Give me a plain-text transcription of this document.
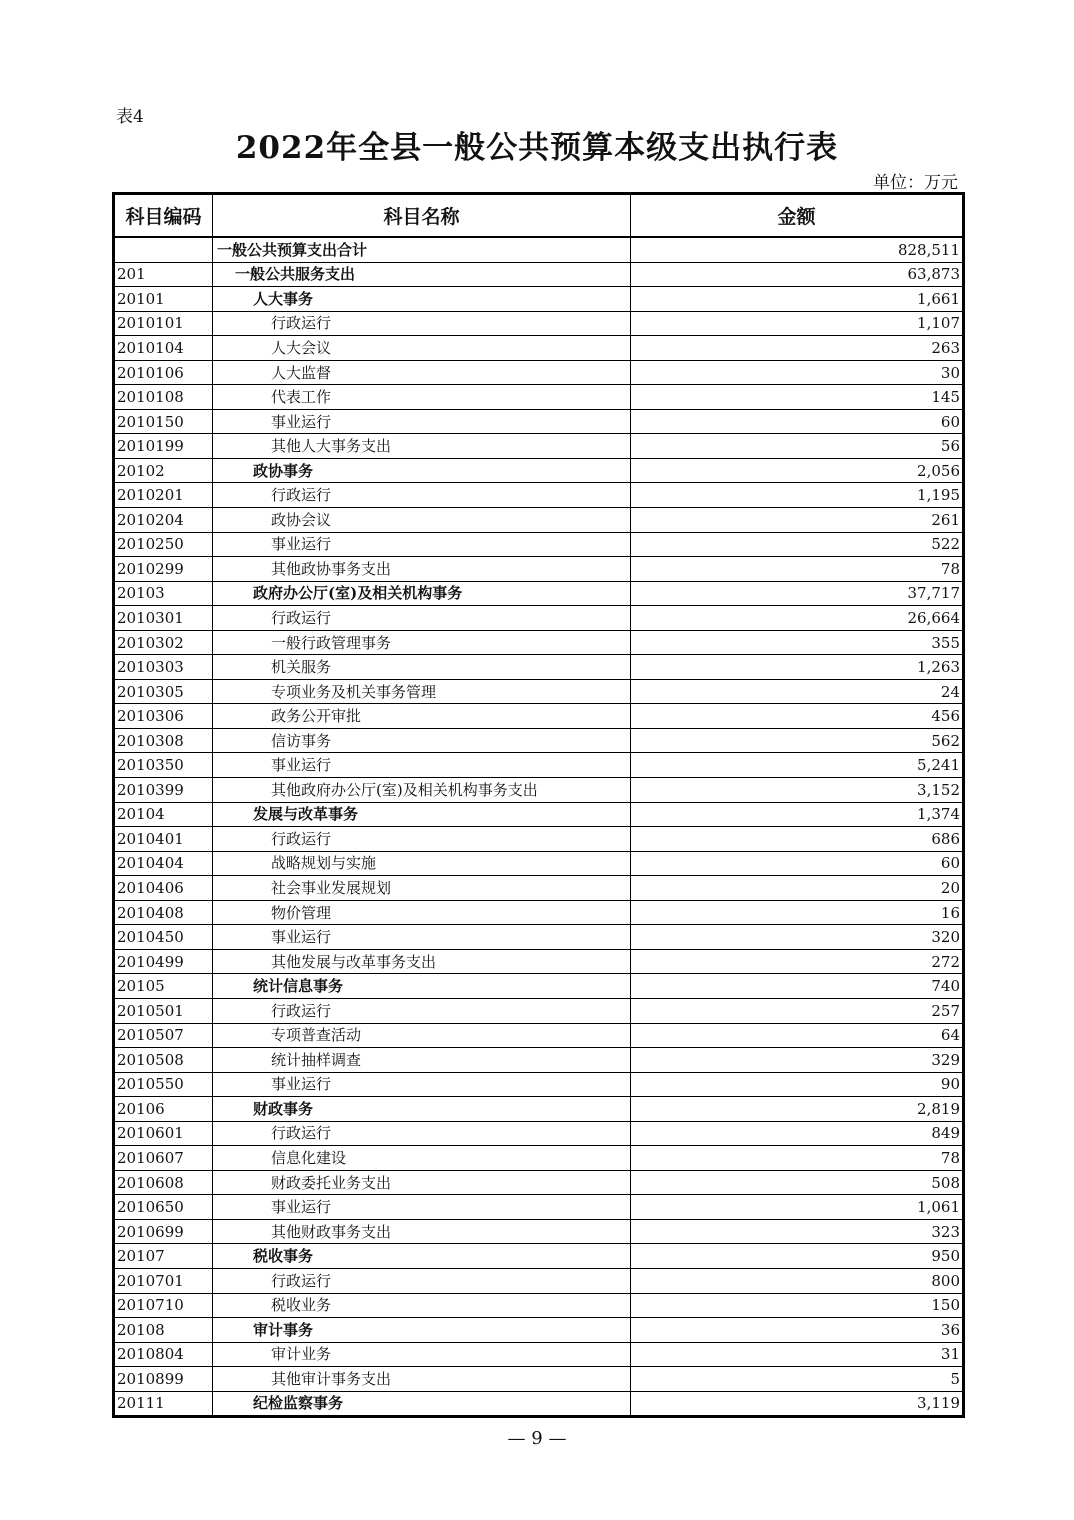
表4
2022年全县一般公共预算本级支出执行表
单位：万元
科目编码	科目名称	金额
	一般公共预算支出合计	828,511
201	一般公共服务支出	63,873
20101	人大事务	1,661
2010101	行政运行	1,107
2010104	人大会议	263
2010106	人大监督	30
2010108	代表工作	145
2010150	事业运行	60
2010199	其他人大事务支出	56
20102	政协事务	2,056
2010201	行政运行	1,195
2010204	政协会议	261
2010250	事业运行	522
2010299	其他政协事务支出	78
20103	政府办公厅(室)及相关机构事务	37,717
2010301	行政运行	26,664
2010302	一般行政管理事务	355
2010303	机关服务	1,263
2010305	专项业务及机关事务管理	24
2010306	政务公开审批	456
2010308	信访事务	562
2010350	事业运行	5,241
2010399	其他政府办公厅(室)及相关机构事务支出	3,152
20104	发展与改革事务	1,374
2010401	行政运行	686
2010404	战略规划与实施	60
2010406	社会事业发展规划	20
2010408	物价管理	16
2010450	事业运行	320
2010499	其他发展与改革事务支出	272
20105	统计信息事务	740
2010501	行政运行	257
2010507	专项普查活动	64
2010508	统计抽样调查	329
2010550	事业运行	90
20106	财政事务	2,819
2010601	行政运行	849
2010607	信息化建设	78
2010608	财政委托业务支出	508
2010650	事业运行	1,061
2010699	其他财政事务支出	323
20107	税收事务	950
2010701	行政运行	800
2010710	税收业务	150
20108	审计事务	36
2010804	审计业务	31
2010899	其他审计事务支出	5
20111	纪检监察事务	3,119
— 9 —
